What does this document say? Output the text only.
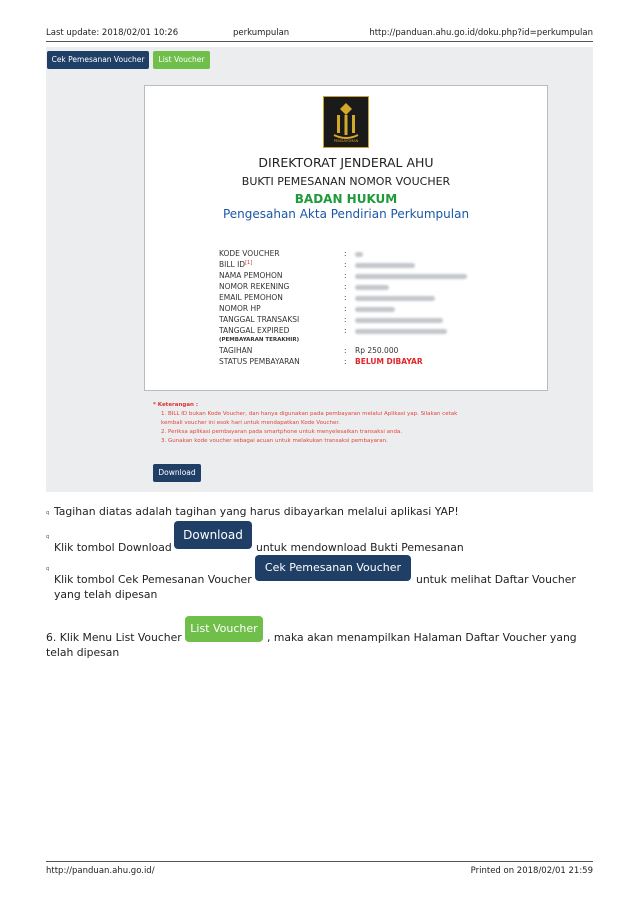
Last update: 2018/02/01 10:26	perkumpulan	http://panduan.ahu.go.id/doku.php?id=perkumpulan
Cek Pemesanan Voucher	List Voucher
PENGAYOMAN
DIREKTORAT JENDERAL AHU
BUKTI PEMESANAN NOMOR VOUCHER
BADAN HUKUM
Pengesahan Akta Pendirian Perkumpulan
KODE VOUCHER	:
BILL ID[1]	:
NAMA PEMOHON	:
NOMOR REKENING	:
EMAIL PEMOHON	:
NOMOR HP	:
TANGGAL TRANSAKSI	:
TANGGAL EXPIRED	:
(PEMBAYARAN TERAKHIR)
TAGIHAN	: Rp 250.000
STATUS PEMBAYARAN	: BELUM DIBAYAR
* Keterangan :
1. BILL ID bukan Kode Voucher, dan hanya digunakan pada pembayaran melalui Aplikasi yap. Silakan cetak
kembali voucher ini esok hari untuk mendapatkan Kode Voucher.
2. Periksa aplikasi pembayaran pada smartphone untuk menyelesaikan transaksi anda.
3. Gunakan kode voucher sebagai acuan untuk melakukan transaksi pembayaran.
Download
q Tagihan diatas adalah tagihan yang harus dibayarkan melalui aplikasi YAP!
q
Klik tombol Download
Download
untuk mendownload Bukti Pemesanan
q
Klik tombol Cek Pemesanan Voucher
Cek Pemesanan Voucher
untuk melihat Daftar Voucher
yang telah dipesan
6. Klik Menu List Voucher
List Voucher
, maka akan menampilkan Halaman Daftar Voucher yang
telah dipesan
http://panduan.ahu.go.id/	Printed on 2018/02/01 21:59
